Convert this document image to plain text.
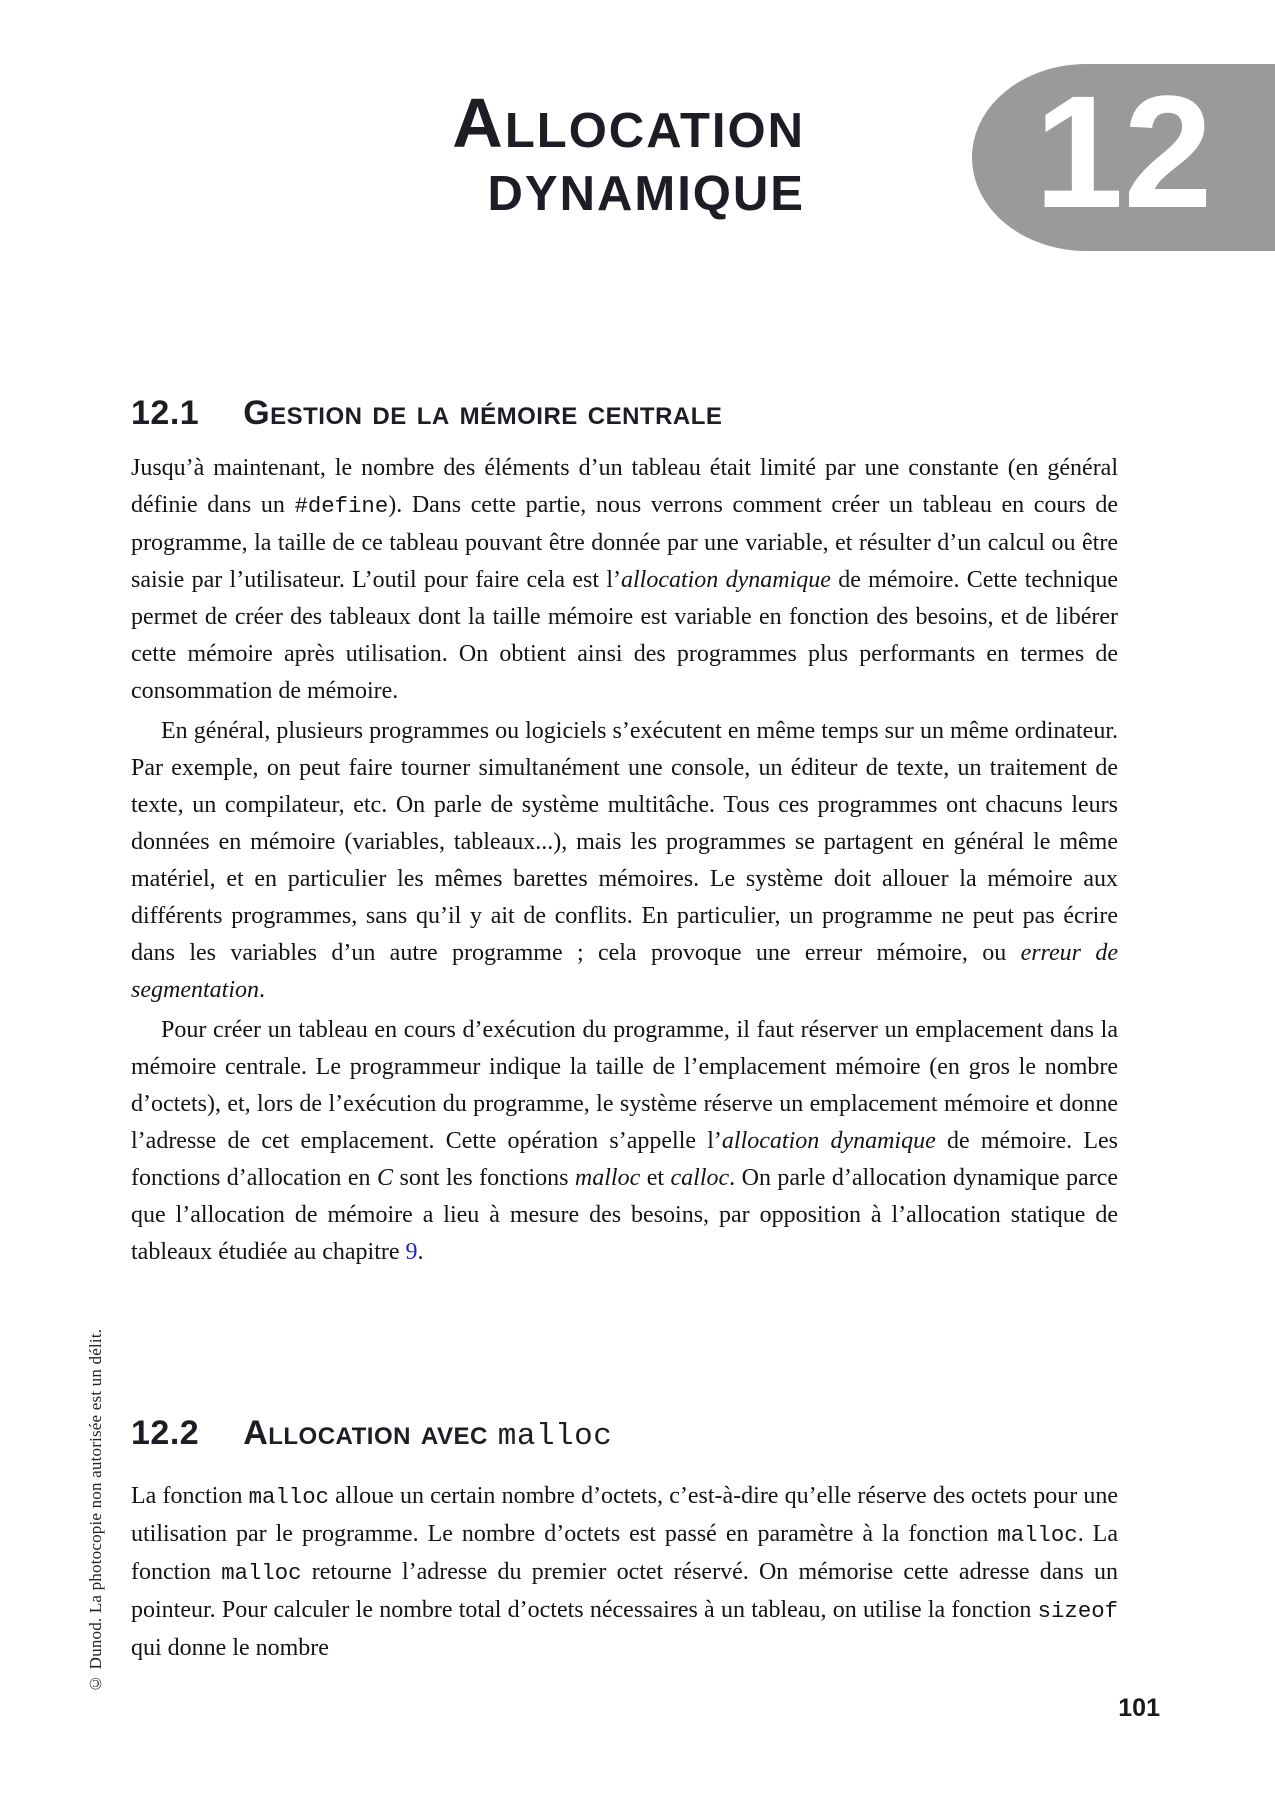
Allocation
dynamique 12
12.1 Gestion de la mémoire centrale

Jusqu’à maintenant, le nombre des éléments d’un tableau était limité par une constante (en général définie dans un #define). Dans cette partie, nous verrons comment créer un tableau en cours de programme, la taille de ce tableau pouvant être donnée par une variable, et résulter d’un calcul ou être saisie par l’utilisateur. L’outil pour faire cela est l’allocation dynamique de mémoire. Cette technique permet de créer des tableaux dont la taille mémoire est variable en fonction des besoins, et de libérer cette mémoire après utilisation. On obtient ainsi des programmes plus performants en termes de consommation de mémoire.

En général, plusieurs programmes ou logiciels s’exécutent en même temps sur un même ordinateur. Par exemple, on peut faire tourner simultanément une console, un éditeur de texte, un traitement de texte, un compilateur, etc. On parle de système multitâche. Tous ces programmes ont chacuns leurs données en mémoire (variables, tableaux...), mais les programmes se partagent en général le même matériel, et en particulier les mêmes barettes mémoires. Le système doit allouer la mémoire aux différents programmes, sans qu’il y ait de conflits. En particulier, un programme ne peut pas écrire dans les variables d’un autre programme ; cela provoque une erreur mémoire, ou erreur de segmentation.

Pour créer un tableau en cours d’exécution du programme, il faut réserver un emplacement dans la mémoire centrale. Le programmeur indique la taille de l’emplacement mémoire (en gros le nombre d’octets), et, lors de l’exécution du programme, le système réserve un emplacement mémoire et donne l’adresse de cet emplacement. Cette opération s’appelle l’allocation dynamique de mémoire. Les fonctions d’allocation en C sont les fonctions malloc et calloc. On parle d’allocation dynamique parce que l’allocation de mémoire a lieu à mesure des besoins, par opposition à l’allocation statique de tableaux étudiée au chapitre 9.

12.2 Allocation avec malloc

La fonction malloc alloue un certain nombre d’octets, c’est-à-dire qu’elle réserve des octets pour une utilisation par le programme. Le nombre d’octets est passé en paramètre à la fonction malloc. La fonction malloc retourne l’adresse du premier octet réservé. On mémorise cette adresse dans un pointeur. Pour calculer le nombre total d’octets nécessaires à un tableau, on utilise la fonction sizeof qui donne le nombre

© Dunod. La photocopie non autorisée est un délit.
101
